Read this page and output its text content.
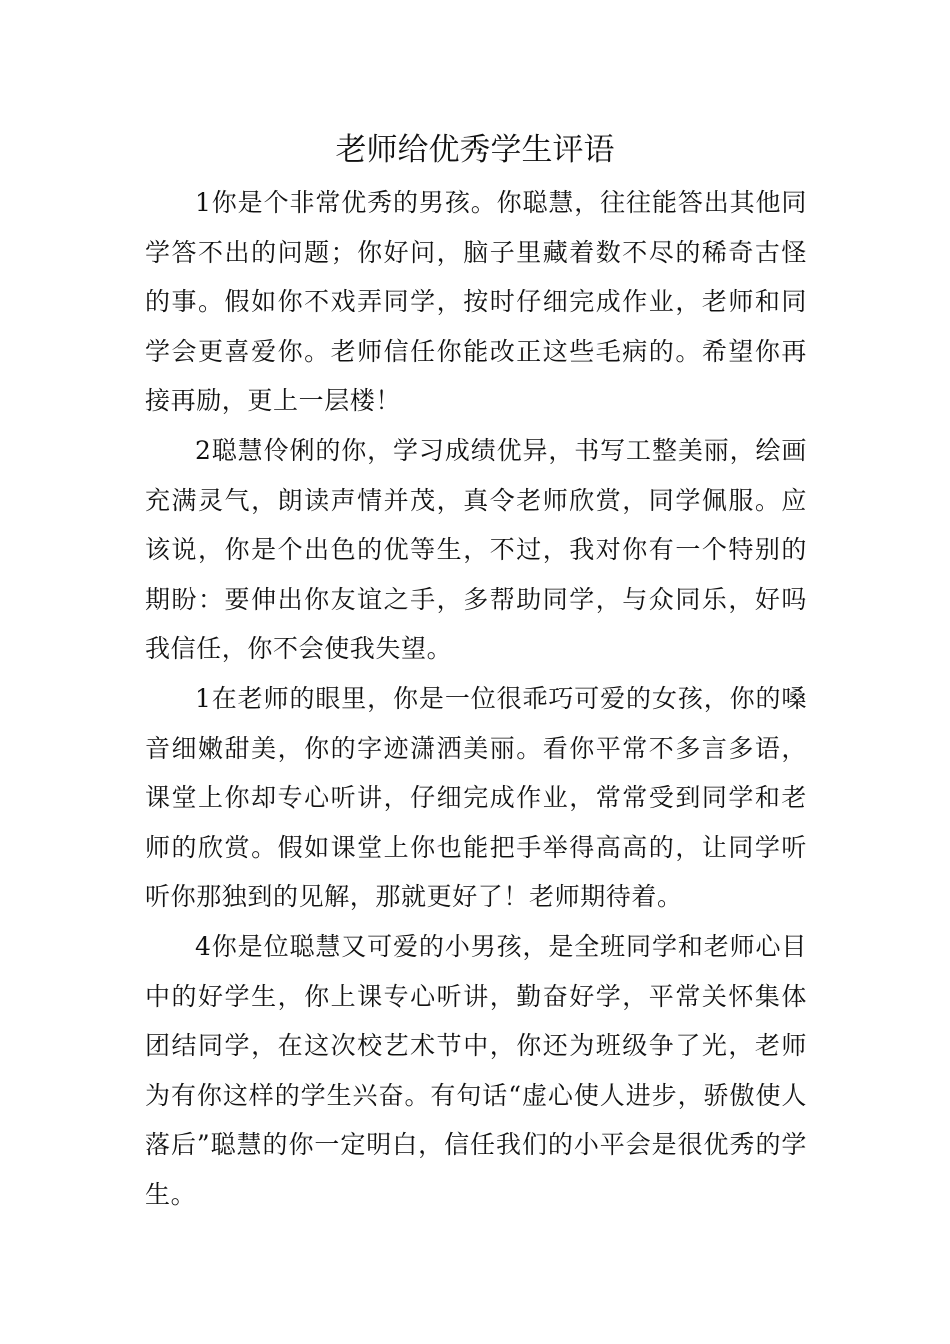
老师给优秀学生评语

1你是个非常优秀的男孩。你聪慧，往往能答出其他同学答不出的问题；你好问，脑子里藏着数不尽的稀奇古怪的事。假如你不戏弄同学，按时仔细完成作业，老师和同学会更喜爱你。老师信任你能改正这些毛病的。希望你再接再励，更上一层楼！

2聪慧伶俐的你，学习成绩优异，书写工整美丽，绘画充满灵气，朗读声情并茂，真令老师欣赏，同学佩服。应该说，你是个出色的优等生，不过，我对你有一个特别的期盼：要伸出你友谊之手，多帮助同学，与众同乐，好吗我信任，你不会使我失望。

1在老师的眼里，你是一位很乖巧可爱的女孩，你的嗓音细嫩甜美，你的字迹潇洒美丽。看你平常不多言多语，课堂上你却专心听讲，仔细完成作业，常常受到同学和老师的欣赏。假如课堂上你也能把手举得高高的，让同学听听你那独到的见解，那就更好了！老师期待着。

4你是位聪慧又可爱的小男孩，是全班同学和老师心目中的好学生，你上课专心听讲，勤奋好学，平常关怀集体团结同学，在这次校艺术节中，你还为班级争了光，老师为有你这样的学生兴奋。有句话“虚心使人进步，骄傲使人落后”聪慧的你一定明白，信任我们的小平会是很优秀的学生。
